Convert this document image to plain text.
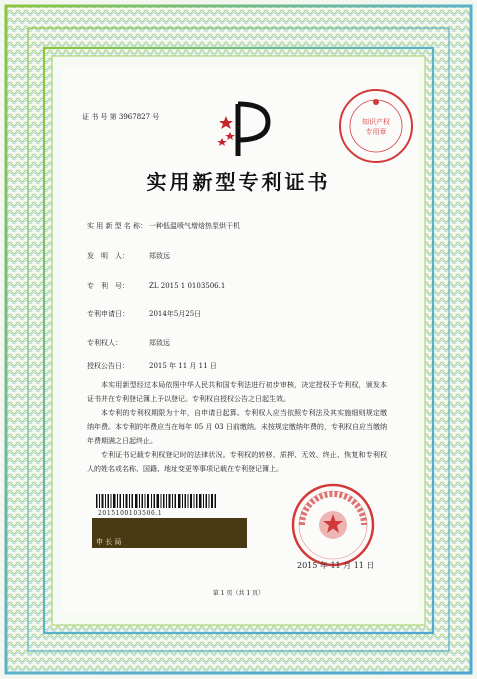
知识产权
专用章
证 书 号 第 3967827 号
实用新型专利证书
实 用 新 型 名 称： 一种低温喷气增焓热泵烘干机
发　明　人：	郑致远
专　利　号：	ZL 2015 1 0103506.1
专利申请日：	2014年5月25日
专利权人：	郑致远
授权公告日：	2015 年 11 月 11 日
本实用新型经过本局依照中华人民共和国专利法进行初步审核，决定授权予专利权，颁发本证书并在专利登记簿上予以登记。专利权自授权公告之日起生效。
本专利的专利权期限为十年，自申请日起算。专利权人应当依照专利法及其实施细则规定缴纳年费。本专利的年费应当在每年 05 月 03 日前缴纳。未按规定缴纳年费的，专利权自应当缴纳年费期满之日起终止。
专利证书记载专利权登记时的法律状况。专利权的转移、质押、无效、终止、恢复和专利权人的姓名或名称、国籍、地址变更等事项记载在专利登记簿上。
2015100103506.1
申 长 局
2015 年 11 月 11 日
第 1 页（共 1 页）
